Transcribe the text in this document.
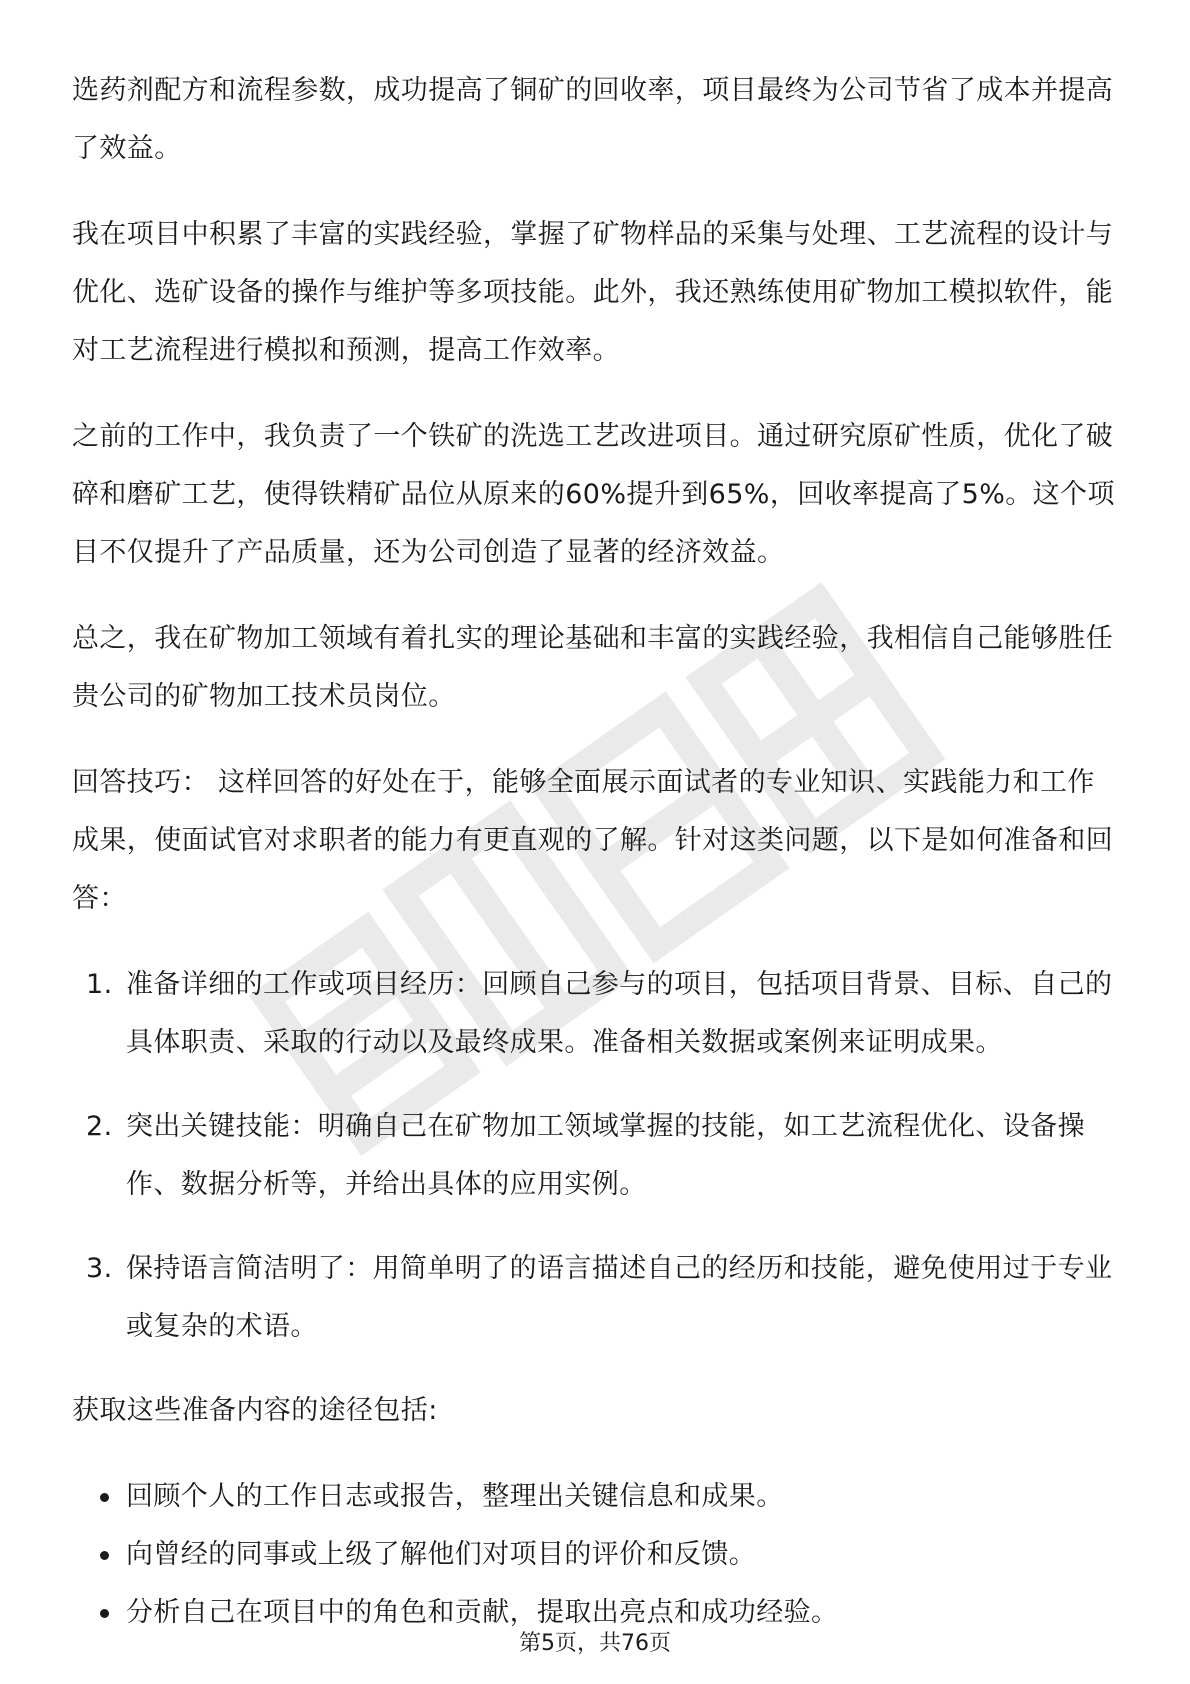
选药剂配方和流程参数，成功提高了铜矿的回收率，项目最终为公司节省了成本并提高了效益。

我在项目中积累了丰富的实践经验，掌握了矿物样品的采集与处理、工艺流程的设计与优化、选矿设备的操作与维护等多项技能。此外，我还熟练使用矿物加工模拟软件，能对工艺流程进行模拟和预测，提高工作效率。

之前的工作中，我负责了一个铁矿的洗选工艺改进项目。通过研究原矿性质，优化了破碎和磨矿工艺，使得铁精矿品位从原来的60%提升到65%，回收率提高了5%。这个项目不仅提升了产品质量，还为公司创造了显著的经济效益。

总之，我在矿物加工领域有着扎实的理论基础和丰富的实践经验，我相信自己能够胜任贵公司的矿物加工技术员岗位。

回答技巧： 这样回答的好处在于，能够全面展示面试者的专业知识、实践能力和工作成果，使面试官对求职者的能力有更直观的了解。针对这类问题，以下是如何准备和回答：

1. 准备详细的工作或项目经历：回顾自己参与的项目，包括项目背景、目标、自己的具体职责、采取的行动以及最终成果。准备相关数据或案例来证明成果。
2. 突出关键技能：明确自己在矿物加工领域掌握的技能，如工艺流程优化、设备操作、数据分析等，并给出具体的应用实例。
3. 保持语言简洁明了：用简单明了的语言描述自己的经历和技能，避免使用过于专业或复杂的术语。

获取这些准备内容的途径包括:

回顾个人的工作日志或报告，整理出关键信息和成果。
向曾经的同事或上级了解他们对项目的评价和反馈。
分析自己在项目中的角色和贡献，提取出亮点和成功经验。
第5页，共76页
